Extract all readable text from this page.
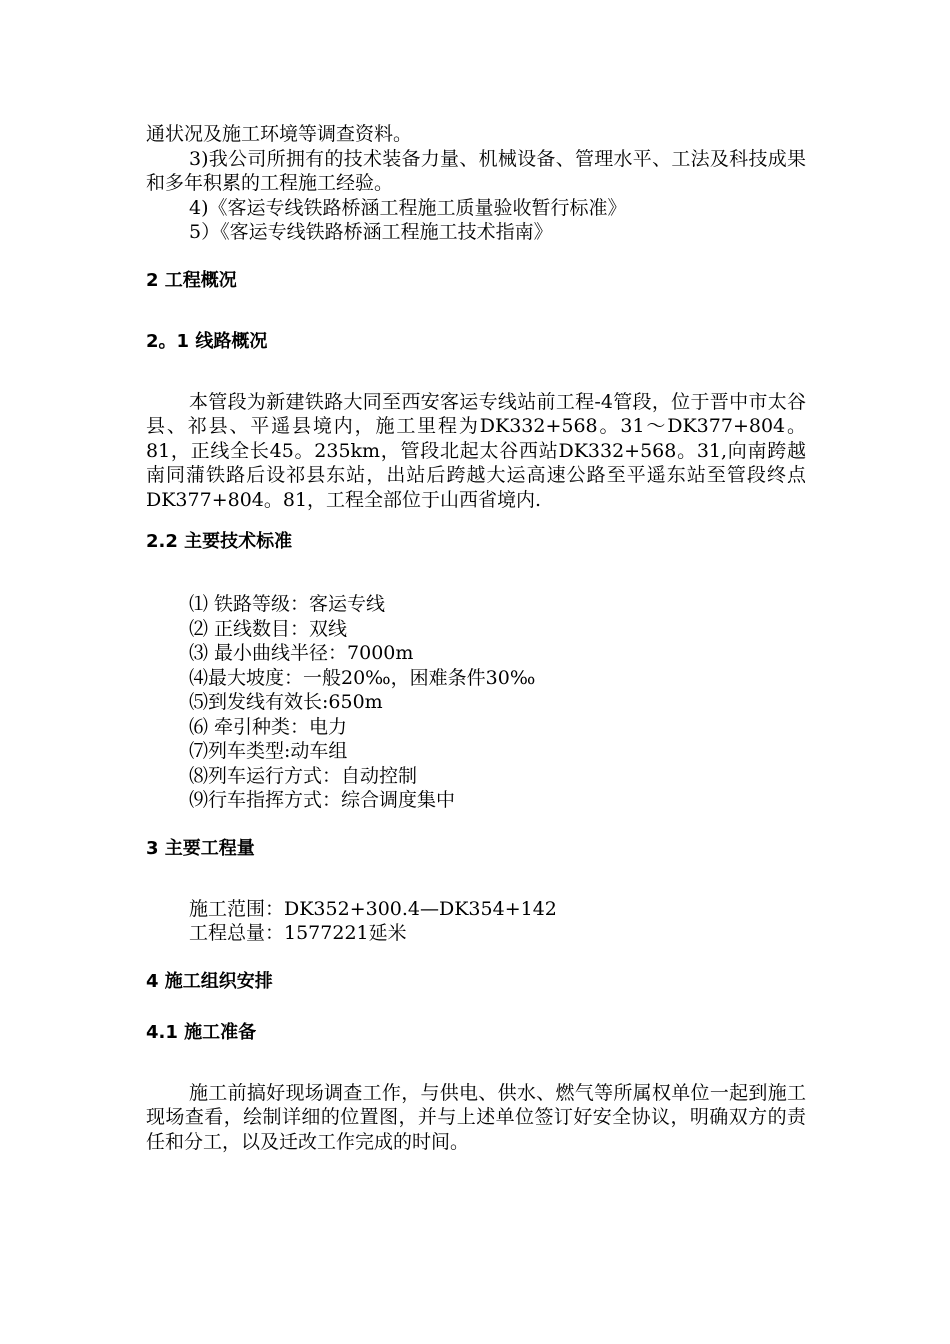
通状况及施工环境等调查资料。

3)我公司所拥有的技术装备力量、机械设备、管理水平、工法及科技成果和多年积累的工程施工经验。

4)《客运专线铁路桥涵工程施工质量验收暂行标准》

5）《客运专线铁路桥涵工程施工技术指南》

2 工程概况
2。1 线路概况

本管段为新建铁路大同至西安客运专线站前工程-4管段，位于晋中市太谷县、祁县、平遥县境内，施工里程为DK332+568。31～DK377+804。81，正线全长45。235km，管段北起太谷西站DK332+568。31,向南跨越南同蒲铁路后设祁县东站，出站后跨越大运高速公路至平遥东站至管段终点DK377+804。81，工程全部位于山西省境内.

2.2 主要技术标准

⑴ 铁路等级：客运专线

⑵ 正线数目：双线

⑶ 最小曲线半径：7000m

⑷最大坡度：一般20‰，困难条件30‰

⑸到发线有效长:650m

⑹ 牵引种类：电力

⑺列车类型:动车组

⑻列车运行方式：自动控制

⑼行车指挥方式：综合调度集中

3 主要工程量

施工范围：DK352+300.4—DK354+142

工程总量：1577221延米

4 施工组织安排
4.1 施工准备

施工前搞好现场调查工作，与供电、供水、燃气等所属权单位一起到施工现场查看，绘制详细的位置图，并与上述单位签订好安全协议，明确双方的责任和分工，以及迁改工作完成的时间。
